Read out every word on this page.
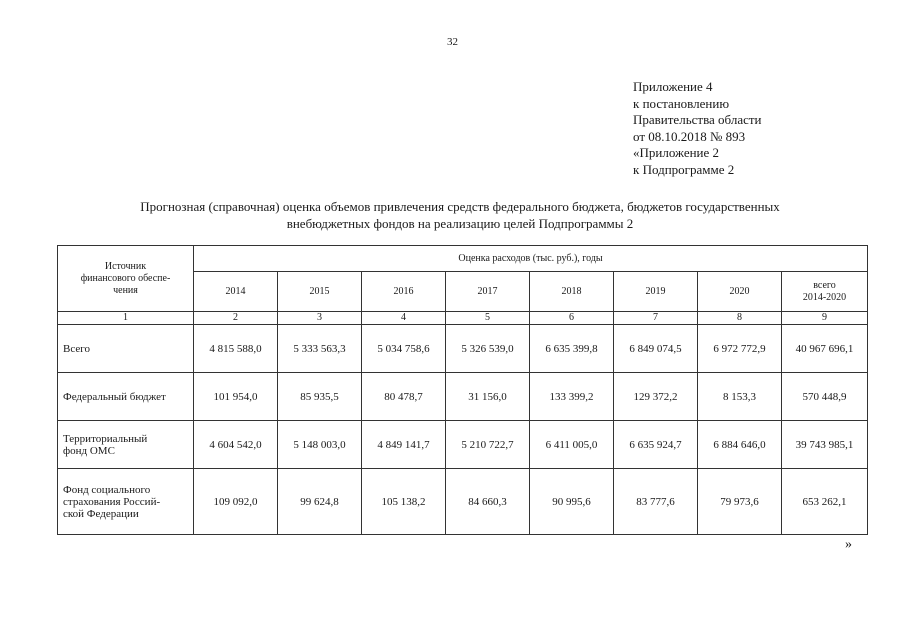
32
Приложение 4
к постановлению
Правительства области
от 08.10.2018 № 893
«Приложение 2
к Подпрограмме 2
Прогнозная (справочная) оценка объемов привлечения средств федерального бюджета, бюджетов государственных
внебюджетных фондов на реализацию целей Подпрограммы 2
Источник
финансового обеспе-
чения	Оценка расходов (тыс. руб.), годы							
	2014	2015	2016	2017	2018	2019	2020	всего
2014-2020

1	2	3	4	5	6	7	8	9

Всего	4 815 588,0	5 333 563,3	5 034 758,6	5 326 539,0	6 635 399,8	6 849 074,5	6 972 772,9	40 967 696,1

Федеральный бюджет	101 954,0	85 935,5	80 478,7	31 156,0	133 399,2	129 372,2	8 153,3	570 448,9

Территориальный
фонд ОМС	4 604 542,0	5 148 003,0	4 849 141,7	5 210 722,7	6 411 005,0	6 635 924,7	6 884 646,0	39 743 985,1

Фонд социального
страхования Россий-
ской Федерации	109 092,0	99 624,8	105 138,2	84 660,3	90 995,6	83 777,6	79 973,6	653 262,1
»
